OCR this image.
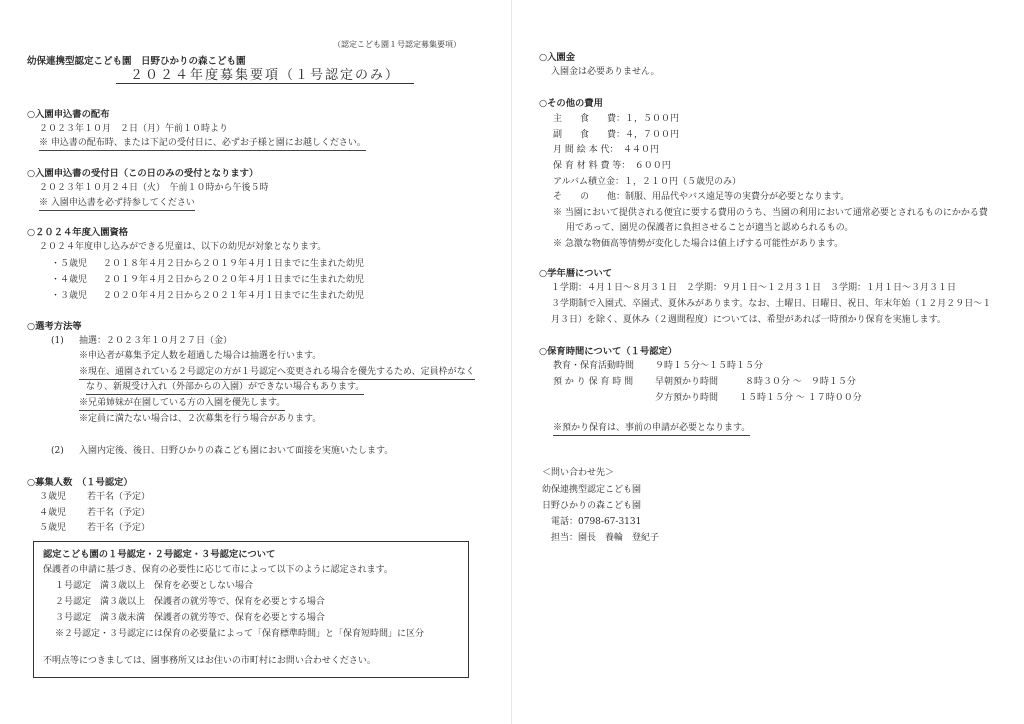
（認定こども園１号認定募集要項）
幼保連携型認定こども園　日野ひかりの森こども園
２０２４年度募集要項（１号認定のみ）
○入園申込書の配布
２０２３年１０月　２日（月）午前１０時より
※ 申込書の配布時、または下記の受付日に、必ずお子様と園にお越しください。
○入園申込書の受付日（この日のみの受付となります）
２０２３年１０月２４日（火）　午前１０時から午後５時
※ 入園申込書を必ず持参してください
○２０２４年度入園資格
２０２４年度申し込みができる児童は、以下の幼児が対象となります。
・５歳児 ２０１８年４月２日から２０１９年４月１日までに生まれた幼児
・４歳児 ２０１９年４月２日から２０２０年４月１日までに生まれた幼児
・３歳児 ２０２０年４月２日から２０２１年４月１日までに生まれた幼児
○選考方法等
(1) 抽選：２０２３年１０月２７日（金）
※申込者が募集予定人数を超過した場合は抽選を行います。
※現在、通園されている２号認定の方が１号認定へ変更される場合を優先するため、定員枠がなく
なり、新規受け入れ（外部からの入園）ができない場合もあります。
※兄弟姉妹が在園している方の入園を優先します。
※定員に満たない場合は、２次募集を行う場合があります。
(2) 入園内定後、後日、日野ひかりの森こども園において面接を実施いたします。
○募集人数　（１号認定）
３歳児 若干名（予定）
４歳児 若干名（予定）
５歳児 若干名（予定）
認定こども園の１号認定・２号認定・３号認定について
保護者の申請に基づき、保育の必要性に応じて市によって以下のように認定されます。
１号認定　満３歳以上　保育を必要としない場合
２号認定　満３歳以上　保護者の就労等で、保育を必要とする場合
３号認定　満３歳未満　保護者の就労等で、保育を必要とする場合
※２号認定・３号認定には保育の必要量によって「保育標準時間」と「保育短時間」に区分
不明点等につきましては、園事務所又はお住いの市町村にお問い合わせください。
○入園金
入園金は必要ありません。
○その他の費用
主　　食　　費：１，５００円
副　　食　　費：４，７００円
月 間 絵 本 代：　４４０円
保 育 材 料 費 等：　６００円
アルバム積立金：１，２１０円（５歳児のみ）
そ　　の　　他：制服、用品代やバス遠足等の実費分が必要となります。
※ 当園において提供される便宜に要する費用のうち、当園の利用において通常必要とされるものにかかる費
用であって、園児の保護者に負担させることが適当と認められるもの。
※ 急激な物価高等情勢が変化した場合は値上げする可能性があります。
○学年暦について
１学期：４月１日～８月３１日　２学期：９月１日～１２月３１日　３学期：１月１日～３月３１日
３学期制で入園式、卒園式、夏休みがあります。なお、土曜日、日曜日、祝日、年末年始（１２月２９日～１
月３日）を除く、夏休み（２週間程度）については、希望があれば一時預かり保育を実施します。
○保育時間について（１号認定）
教育・保育活動時間 ９時１５分～１５時１５分
預 か り 保 育 時 間 早朝預かり時間	８時３０分 ～　９時１５分
夕方預かり時間 １５時１５分 ～ １７時００分
※預かり保育は、事前の申請が必要となります。
＜問い合わせ先＞
幼保連携型認定こども園
日野ひかりの森こども園
電話：0798-67-3131
担当：園長　養輪　登紀子
